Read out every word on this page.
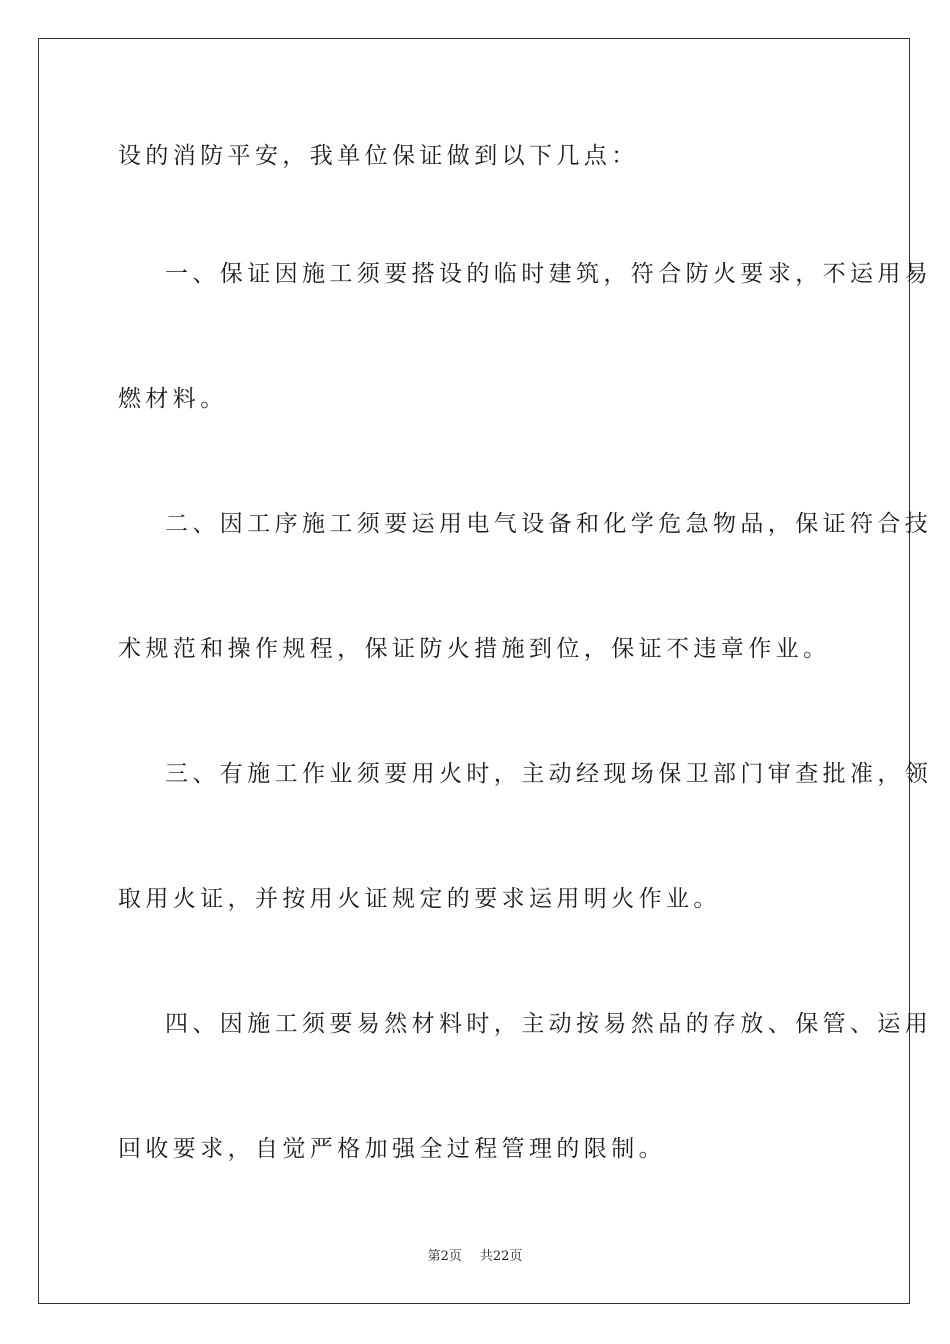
设的消防平安，我单位保证做到以下几点：
一、保证因施工须要搭设的临时建筑，符合防火要求，不运用易
燃材料。
二、因工序施工须要运用电气设备和化学危急物品，保证符合技
术规范和操作规程，保证防火措施到位，保证不违章作业。
三、有施工作业须要用火时，主动经现场保卫部门审查批准，领
取用火证，并按用火证规定的要求运用明火作业。
四、因施工须要易然材料时，主动按易然品的存放、保管、运用
回收要求，自觉严格加强全过程管理的限制。
第2页 共22页
